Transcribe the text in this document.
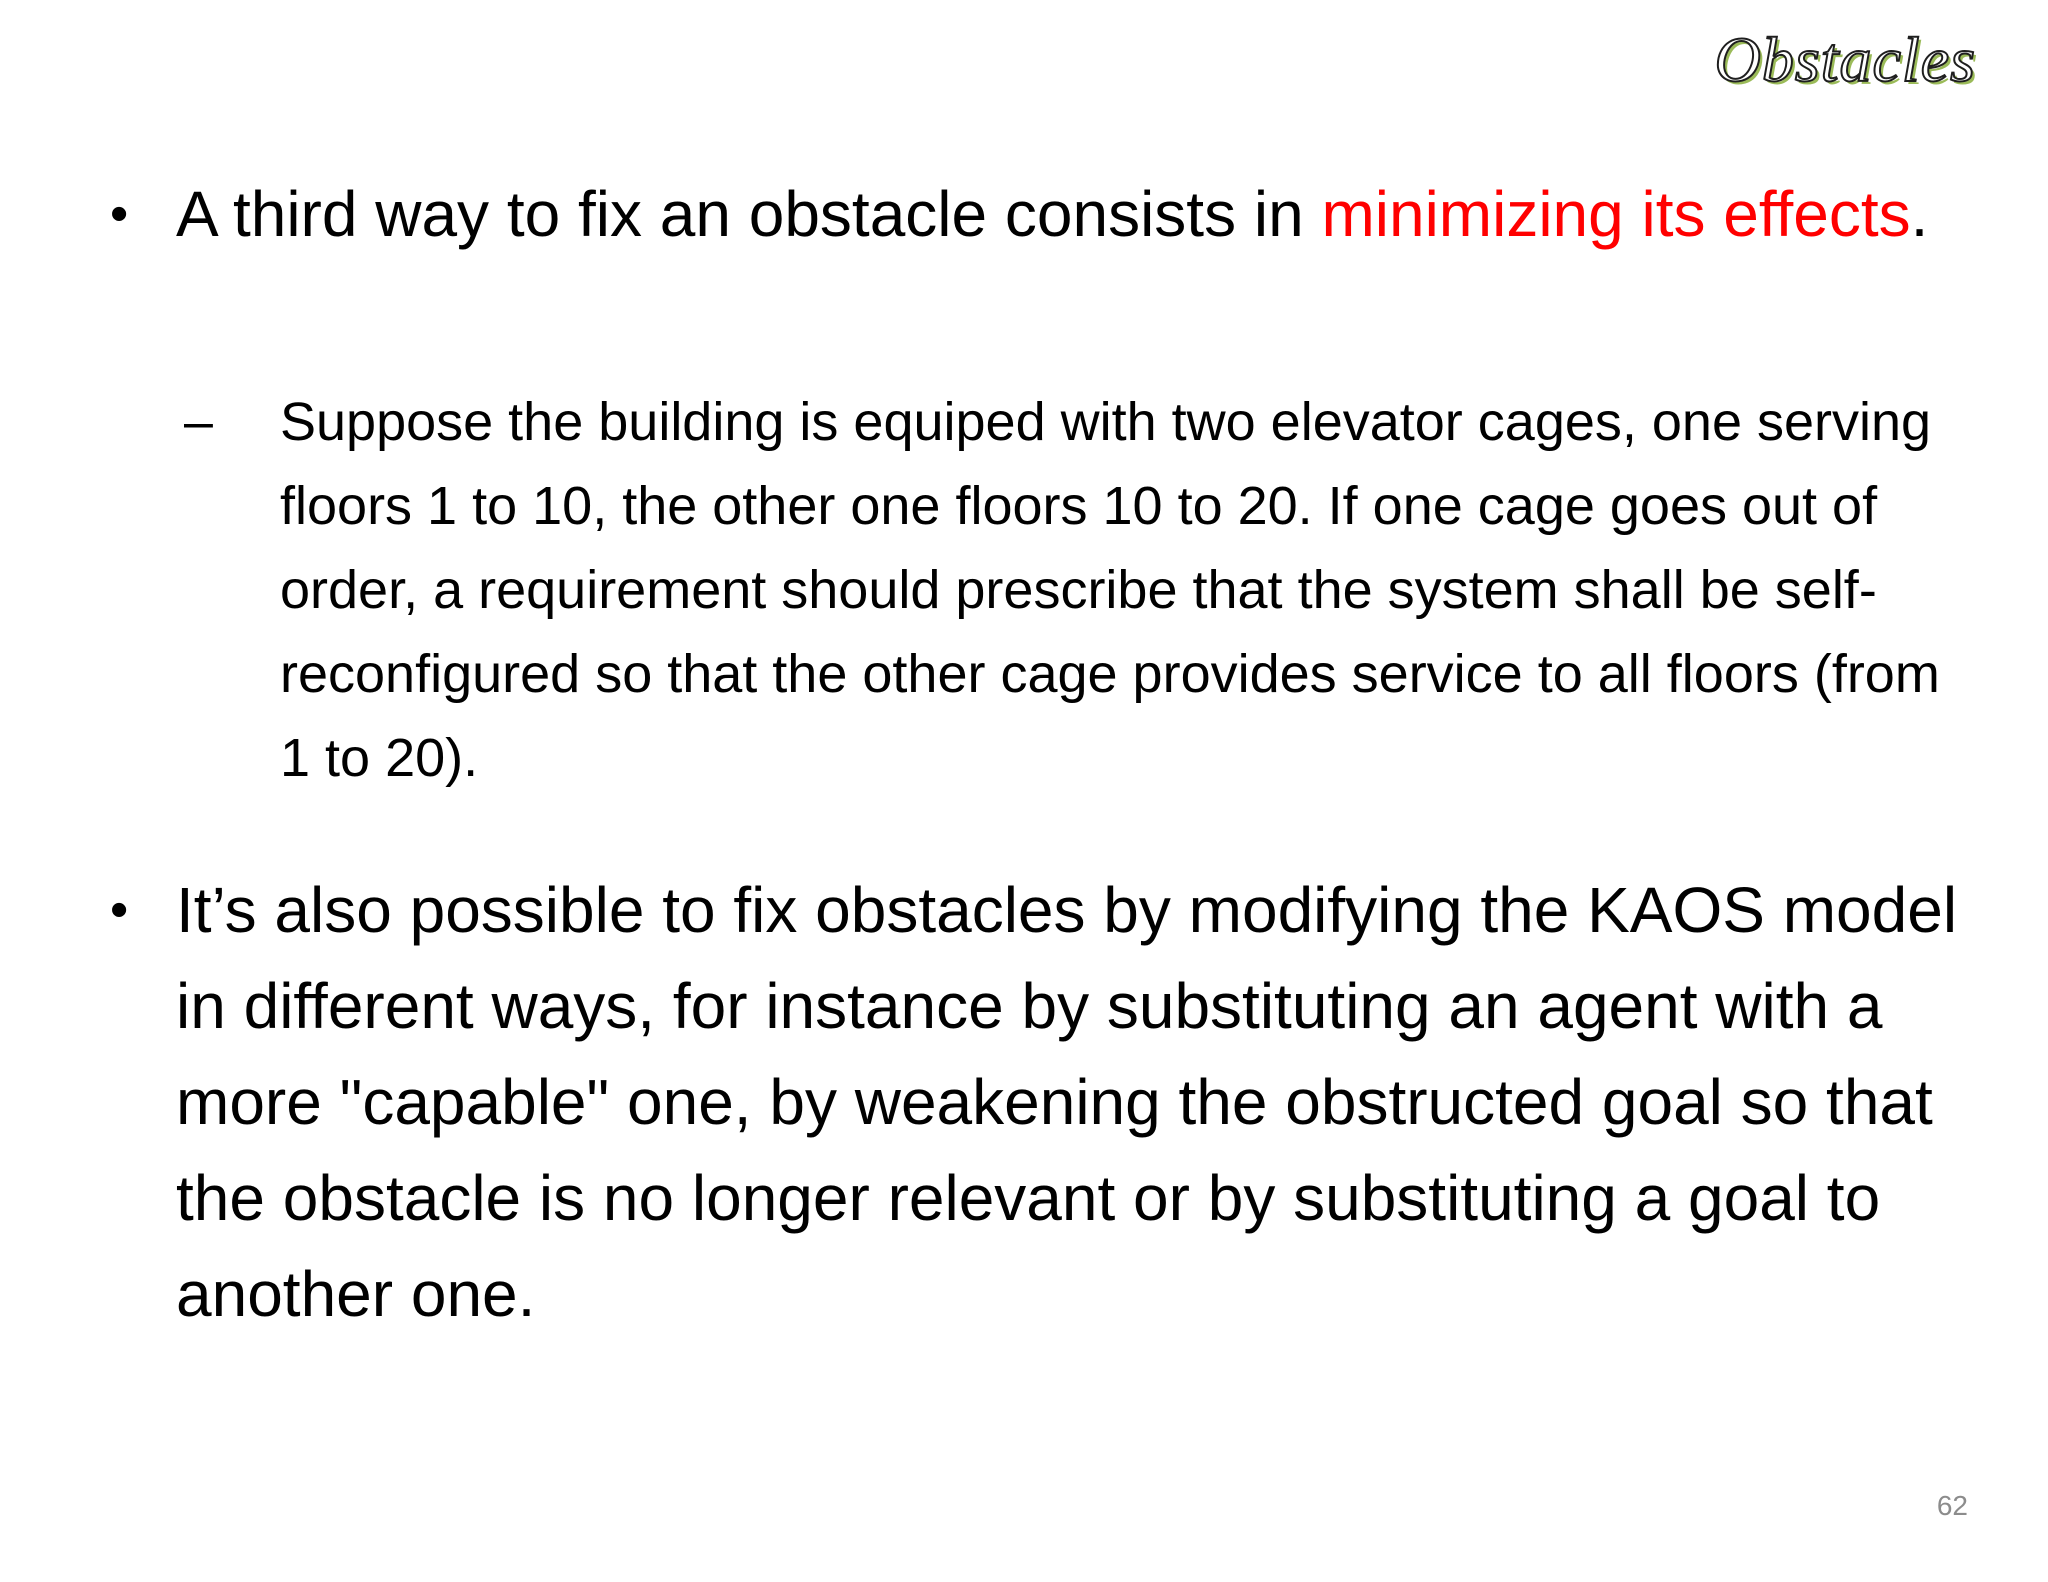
Obstacles
• A third way to fix an obstacle consists in minimizing its effects.
–	Suppose the building is equiped with two elevator cages, one serving floors 1 to 10, the other one floors 10 to 20. If one cage goes out of order, a requirement should prescribe that the system shall be self-reconfigured so that the other cage provides service to all floors (from 1 to 20).
• It’s also possible to fix obstacles by modifying the KAOS model in different ways, for instance by substituting an agent with a more "capable" one, by weakening the obstructed goal so that the obstacle is no longer relevant or by substituting a goal to another one.
62
